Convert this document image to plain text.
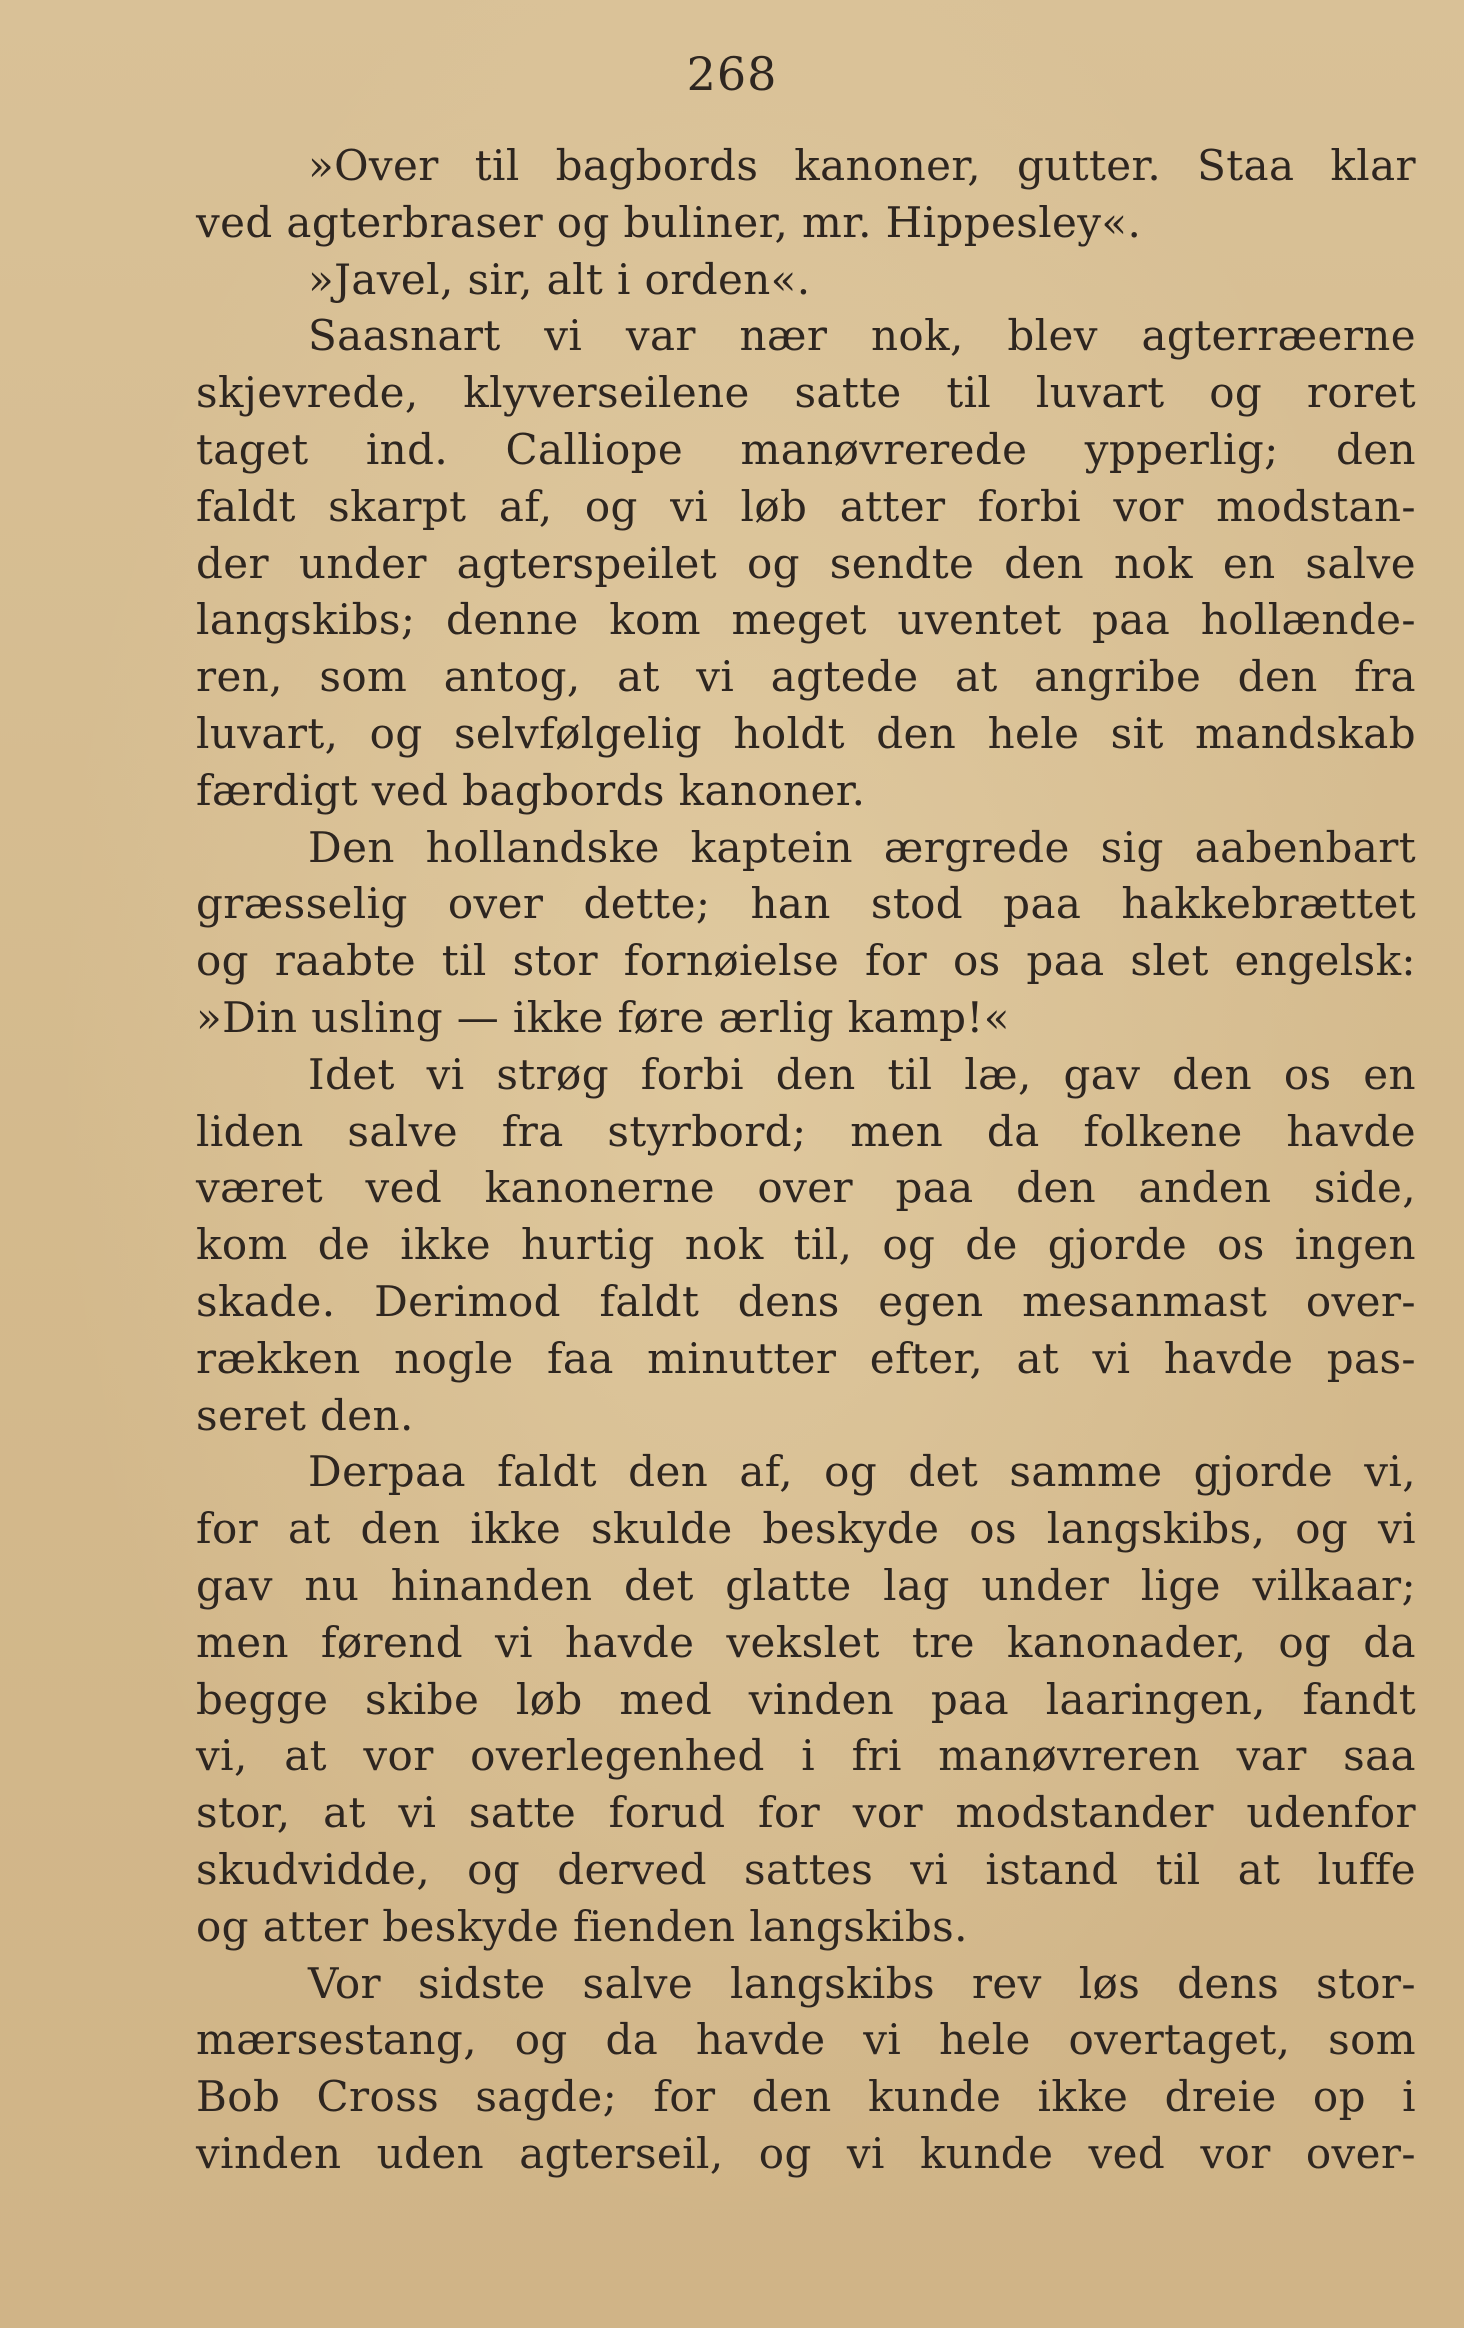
268
»Over til bagbords kanoner, gutter. Staa klar
ved agterbraser og buliner, mr. Hippesley«.
»Javel, sir, alt i orden«.
Saasnart vi var nær nok, blev agterræerne
skjevrede, klyverseilene satte til luvart og roret
taget ind. Calliope manøvrerede ypperlig; den
faldt skarpt af, og vi løb atter forbi vor modstan-
der under agterspeilet og sendte den nok en salve
langskibs; denne kom meget uventet paa hollænde-
ren, som antog, at vi agtede at angribe den fra
luvart, og selvfølgelig holdt den hele sit mandskab
færdigt ved bagbords kanoner.
Den hollandske kaptein ærgrede sig aabenbart
græsselig over dette; han stod paa hakkebrættet
og raabte til stor fornøielse for os paa slet engelsk:
»Din usling — ikke føre ærlig kamp!«
Idet vi strøg forbi den til læ, gav den os en
liden salve fra styrbord; men da folkene havde
været ved kanonerne over paa den anden side,
kom de ikke hurtig nok til, og de gjorde os ingen
skade. Derimod faldt dens egen mesanmast over-
rækken nogle faa minutter efter, at vi havde pas-
seret den.
Derpaa faldt den af, og det samme gjorde vi,
for at den ikke skulde beskyde os langskibs, og vi
gav nu hinanden det glatte lag under lige vilkaar;
men førend vi havde vekslet tre kanonader, og da
begge skibe løb med vinden paa laaringen, fandt
vi, at vor overlegenhed i fri manøvreren var saa
stor, at vi satte forud for vor modstander udenfor
skudvidde, og derved sattes vi istand til at luffe
og atter beskyde fienden langskibs.
Vor sidste salve langskibs rev løs dens stor-
mærsestang, og da havde vi hele overtaget, som
Bob Cross sagde; for den kunde ikke dreie op i
vinden uden agterseil, og vi kunde ved vor over-
